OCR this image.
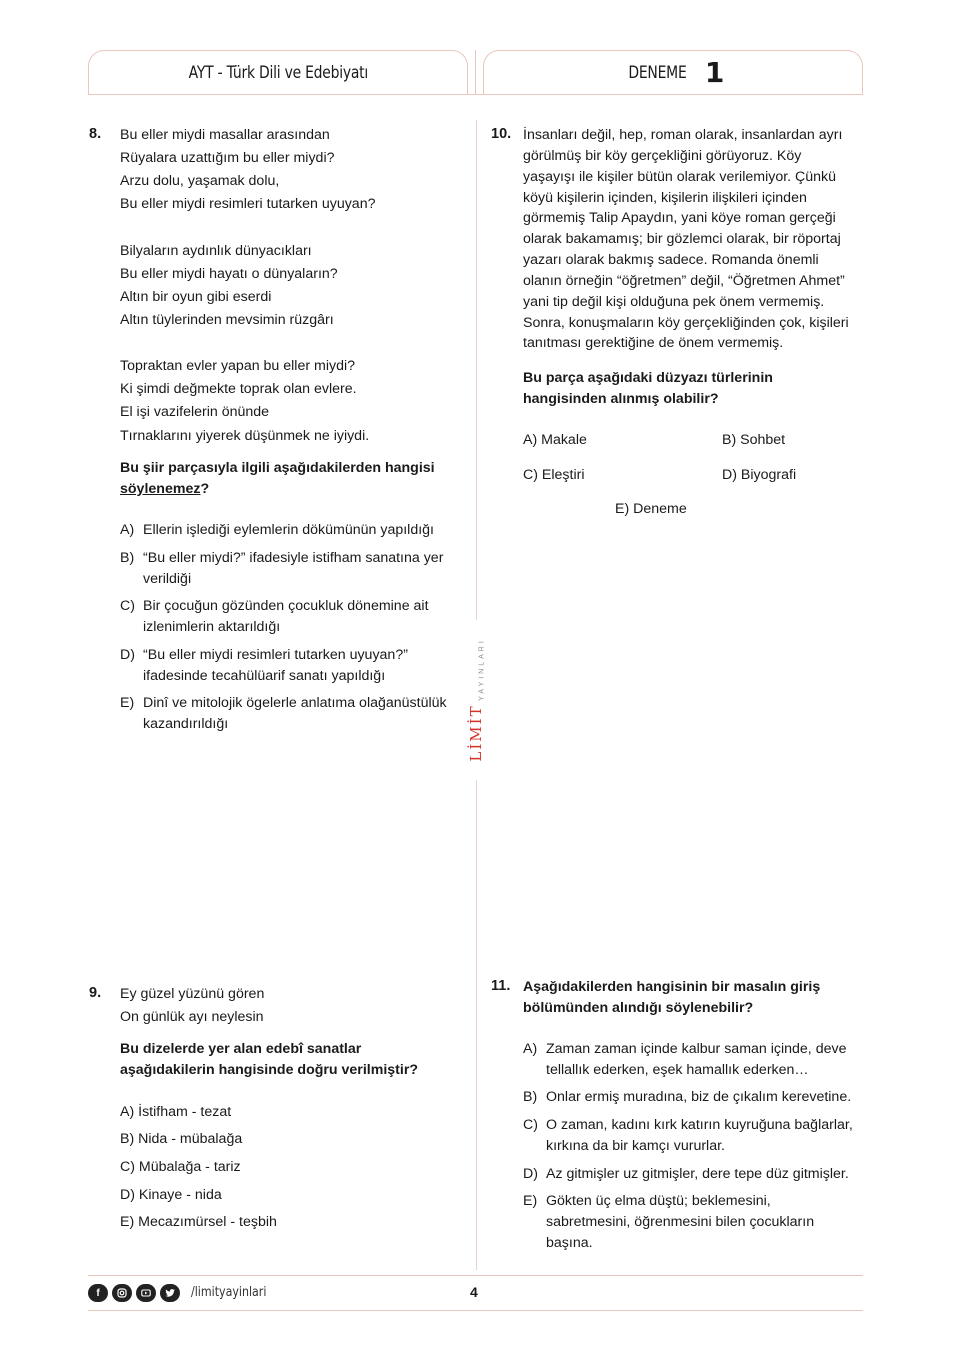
AYT - Türk Dili ve Edebiyatı	DENEME 1
YAYINLARI
LİMİT
8. Bu eller miydi masallar arasından
Rüyalara uzattığım bu eller miydi?
Arzu dolu, yaşamak dolu,
Bu eller miydi resimleri tutarken uyuyan?
Bilyaların aydınlık dünyacıkları
Bu eller miydi hayatı o dünyaların?
Altın bir oyun gibi eserdi
Altın tüylerinden mevsimin rüzgârı
Topraktan evler yapan bu eller miydi?
Ki şimdi değmekte toprak olan evlere.
El işi vazifelerin önünde
Tırnaklarını yiyerek düşünmek ne iyiydi.
Bu şiir parçasıyla ilgili aşağıdakilerden hangisi
söylenemez?
A) Ellerin işlediği eylemlerin dökümünün yapıldığı
B) “Bu eller miydi?” ifadesiyle istifham sanatına yer
verildiği
C) Bir çocuğun gözünden çocukluk dönemine ait
izlenimlerin aktarıldığı
D) “Bu eller miydi resimleri tutarken uyuyan?”
ifadesinde tecahülüarif sanatı yapıldığı
E) Dinî ve mitolojik ögelerle anlatıma olağanüstülük
kazandırıldığı
9. Ey güzel yüzünü gören
On günlük ayı neylesin
Bu dizelerde yer alan edebî sanatlar
aşağıdakilerin hangisinde doğru verilmiştir?
A) İstifham - tezat
B) Nida - mübalağa
C) Mübalağa - tariz
D) Kinaye - nida
E) Mecazımürsel - teşbih
10. İnsanları değil, hep, roman olarak, insanlardan ayrı
görülmüş bir köy gerçekliğini görüyoruz. Köy
yaşayışı ile kişiler bütün olarak verilemiyor. Çünkü
köyü kişilerin içinden, kişilerin ilişkileri içinden
görmemiş Talip Apaydın, yani köye roman gerçeği
olarak bakamamış; bir gözlemci olarak, bir röportaj
yazarı olarak bakmış sadece. Romanda önemli
olanın örneğin “öğretmen” değil, “Öğretmen Ahmet”
yani tip değil kişi olduğuna pek önem vermemiş.
Sonra, konuşmaların köy gerçekliğinden çok, kişileri
tanıtması gerektiğine de önem vermemiş.
Bu parça aşağıdaki düzyazı türlerinin
hangisinden alınmış olabilir?
A) Makale	B) Sohbet
C) Eleştiri	D) Biyografi
E) Deneme
11. Aşağıdakilerden hangisinin bir masalın giriş
bölümünden alındığı söylenebilir?
A) Zaman zaman içinde kalbur saman içinde, deve
tellallık ederken, eşek hamallık ederken…
B) Onlar ermiş muradına, biz de çıkalım kerevetine.
C) O zaman, kadını kırk katırın kuyruğuna bağlarlar,
kırkına da bir kamçı vururlar.
D) Az gitmişler uz gitmişler, dere tepe düz gitmişler.
E) Gökten üç elma düştü; beklemesini,
sabretmesini, öğrenmesini bilen çocukların
başına.
f	/limityayinlari	4
